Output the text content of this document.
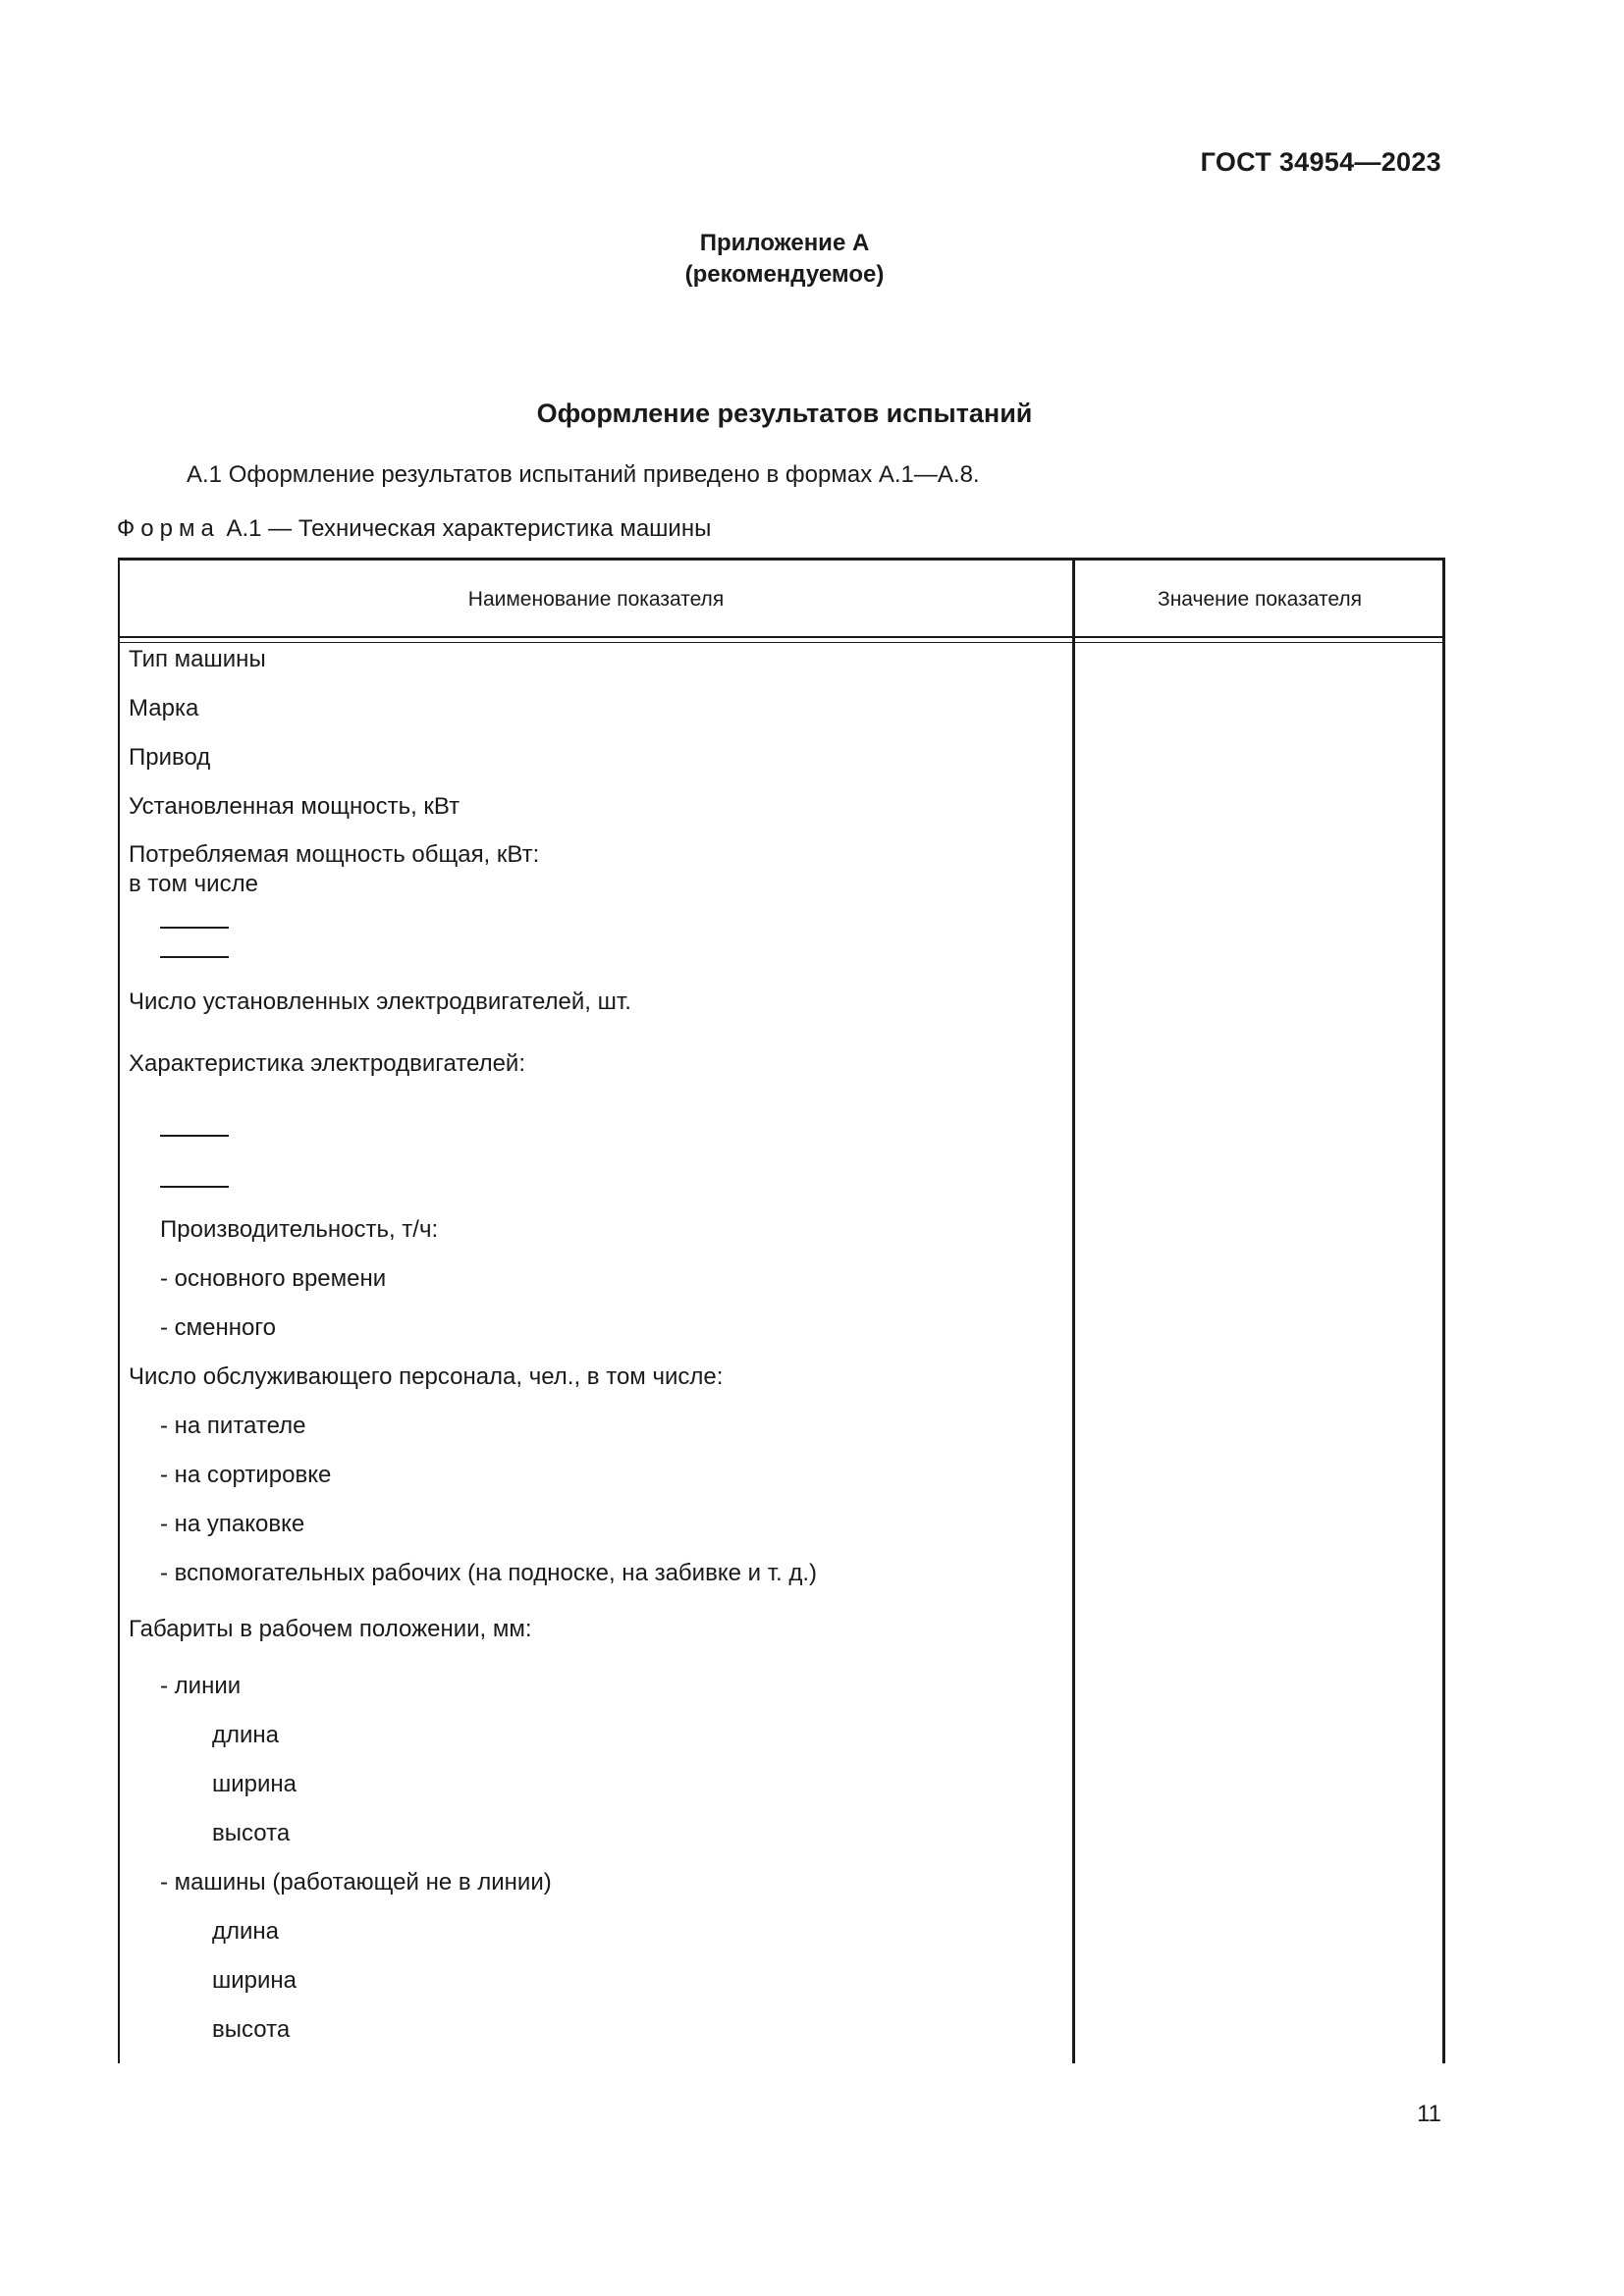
ГОСТ 34954—2023
Приложение А
(рекомендуемое)
Оформление результатов испытаний
А.1 Оформление результатов испытаний приведено в формах А.1—А.8.
Форма А.1 — Техническая характеристика машины
Наименование показателя	Значение показателя
Тип машины
Марка
Привод
Установленная мощность, кВт
Потребляемая мощность общая, кВт:
в том числе
Число установленных электродвигателей, шт.
Характеристика электродвигателей:
Производительность, т/ч:
- основного времени
- сменного
Число обслуживающего персонала, чел., в том числе:
- на питателе
- на сортировке
- на упаковке
- вспомогательных рабочих (на подноске, на забивке и т. д.)
Габариты в рабочем положении, мм:
- линии
длина
ширина
высота
- машины (работающей не в линии)
длина
ширина
высота
11
